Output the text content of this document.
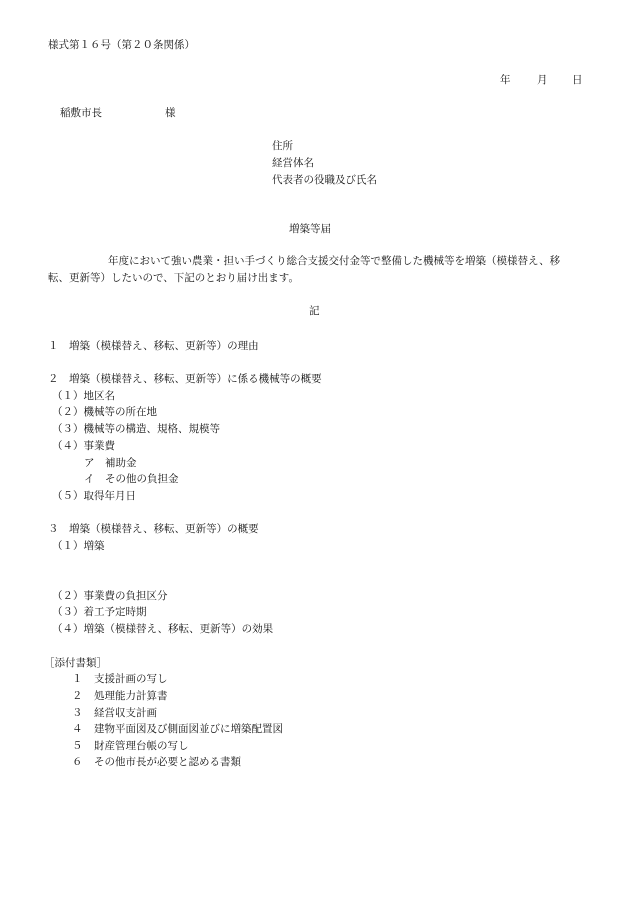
様式第１６号（第２０条関係）
年	月 日
稲敷市長	様
住所
経営体名
代表者の役職及び氏名
増築等届
年度において強い農業・担い手づくり総合支援交付金等で整備した機械等を増築（模様替え、移転、更新等）したいので、下記のとおり届け出ます。
記
１　増築（模様替え、移転、更新等）の理由
２　増築（模様替え、移転、更新等）に係る機械等の概要
（１）地区名
（２）機械等の所在地
（３）機械等の構造、規格、規模等
（４）事業費
ア　補助金
イ　その他の負担金
（５）取得年月日
３　増築（模様替え、移転、更新等）の概要
（１）増築
（２）事業費の負担区分
（３）着工予定時期
（４）増築（模様替え、移転、更新等）の効果
［添付書類］
１ 支援計画の写し
２ 処理能力計算書
３ 経営収支計画
４ 建物平面図及び側面図並びに増築配置図
５ 財産管理台帳の写し
６ その他市長が必要と認める書類
